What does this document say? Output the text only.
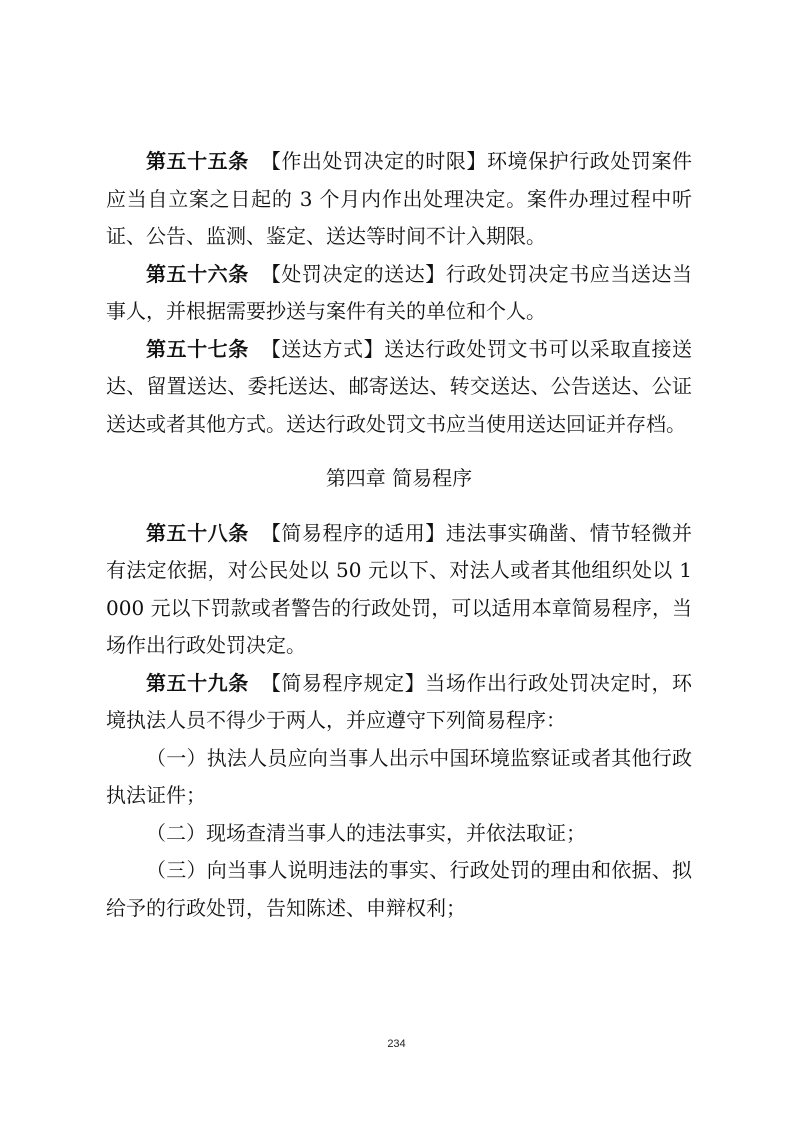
第五十五条 【作出处罚决定的时限】环境保护行政处罚案件应当自立案之日起的 3 个月内作出处理决定。案件办理过程中听证、公告、监测、鉴定、送达等时间不计入期限。

第五十六条 【处罚决定的送达】行政处罚决定书应当送达当事人，并根据需要抄送与案件有关的单位和个人。

第五十七条 【送达方式】送达行政处罚文书可以采取直接送达、留置送达、委托送达、邮寄送达、转交送达、公告送达、公证送达或者其他方式。送达行政处罚文书应当使用送达回证并存档。

第四章 简易程序

第五十八条 【简易程序的适用】违法事实确凿、情节轻微并有法定依据，对公民处以 50 元以下、对法人或者其他组织处以 1000 元以下罚款或者警告的行政处罚，可以适用本章简易程序，当场作出行政处罚决定。

第五十九条 【简易程序规定】当场作出行政处罚决定时，环境执法人员不得少于两人，并应遵守下列简易程序：

（一）执法人员应向当事人出示中国环境监察证或者其他行政执法证件；

（二）现场查清当事人的违法事实，并依法取证；

（三）向当事人说明违法的事实、行政处罚的理由和依据、拟给予的行政处罚，告知陈述、申辩权利；

234
